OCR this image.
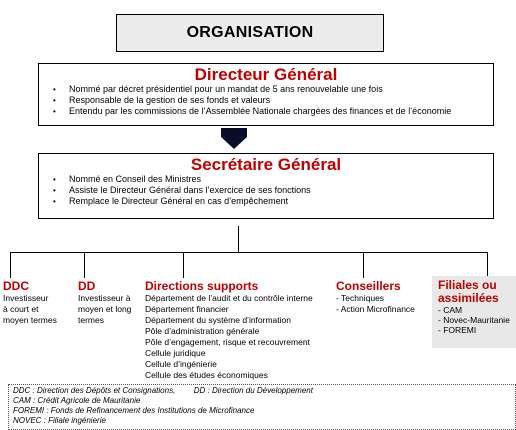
ORGANISATION
Directeur Général
• Nommé par décret présidentiel pour un mandat de 5 ans renouvelable une fois
• Responsable de la gestion de ses fonds et valeurs
• Entendu par les commissions de l’Assemblée Nationale chargées des finances et de l’économie
Secrétaire Général
• Nommé en Conseil des Ministres
• Assiste le Directeur Général dans l’exercice de ses fonctions
• Remplace le Directeur Général en cas d’empêchement
DDC
Investisseur
à court et
moyen termes
DD
Investisseur à
moyen et long
termes
Directions supports
Département de l’audit et du contrôle interne
Département financier
Département du système d’information
Pôle d’administration générale
Pôle d’engagement, risque et recouvrement
Cellule juridique
Cellule d’ingénierie
Cellule des études économiques
Conseillers
- Techniques
- Action Microfinance
Filiales ou
assimilées
- CAM
- Novec-Mauritanie
- FOREMI
DDC : Direction des Dépôts et Consignations, DD : Direction du Développement
CAM : Crédit Agricole de Mauritanie
FOREMI : Fonds de Refinancement des Institutions de Microfinance
NOVEC : Filiale ingénierie
